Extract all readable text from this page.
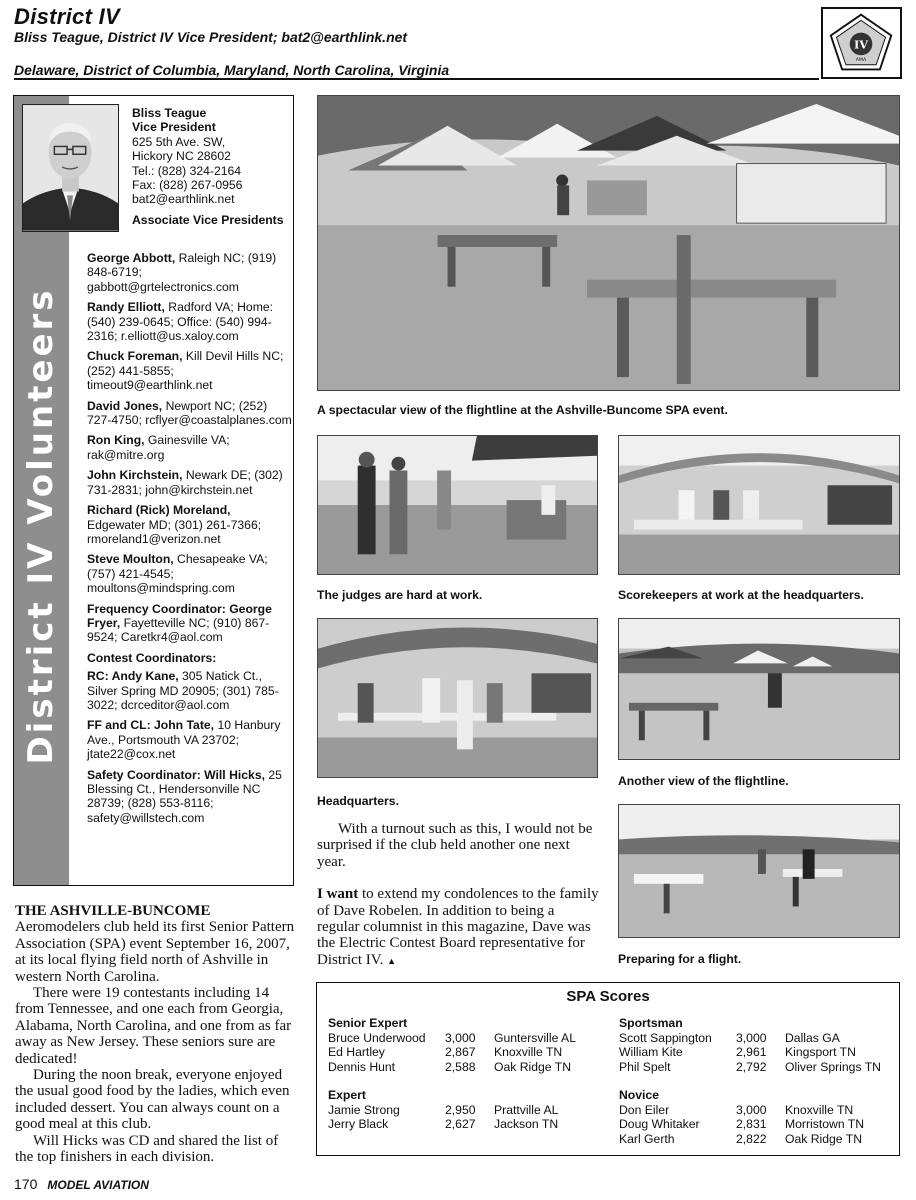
District IV
Bliss Teague, District IV Vice President; bat2@earthlink.net
Delaware, District of Columbia, Maryland, North Carolina, Virginia
IV
AMA
District IV Volunteers
Bliss Teague
Vice President
625 5th Ave. SW,
Hickory NC 28602
Tel.: (828) 324-2164
Fax: (828) 267-0956
bat2@earthlink.net
Associate Vice Presidents
George Abbott, Raleigh NC; (919) 848-6719; gabbott@grtelectronics.com
Randy Elliott, Radford VA; Home: (540) 239-0645; Office: (540) 994-2316; r.elliott@us.xaloy.com
Chuck Foreman, Kill Devil Hills NC; (252) 441-5855; timeout9@earthlink.net
David Jones, Newport NC; (252) 727-4750; rcflyer@coastalplanes.com
Ron King, Gainesville VA; rak@mitre.org
John Kirchstein, Newark DE; (302) 731-2831; john@kirchstein.net
Richard (Rick) Moreland, Edgewater MD; (301) 261-7366; rmoreland1@verizon.net
Steve Moulton, Chesapeake VA; (757) 421-4545; moultons@mindspring.com
Frequency Coordinator: George Fryer, Fayetteville NC; (910) 867-9524; Caretkr4@aol.com
Contest Coordinators:
RC: Andy Kane, 305 Natick Ct., Silver Spring MD 20905; (301) 785-3022; dcrceditor@aol.com
FF and CL: John Tate, 10 Hanbury Ave., Portsmouth VA 23702; jtate22@cox.net
Safety Coordinator: Will Hicks, 25 Blessing Ct., Hendersonville NC 28739; (828) 553-8116; safety@willstech.com

THE ASHVILLE-BUNCOME Aeromodelers club held its first Senior Pattern Association (SPA) event September 16, 2007, at its local flying field north of Ashville in western North Carolina.

There were 19 contestants including 14 from Tennessee, and one each from Georgia, Alabama, North Carolina, and one from as far away as New Jersey. These seniors sure are dedicated!

During the noon break, everyone enjoyed the usual good food by the ladies, which even included dessert. You can always count on a good meal at this club.

Will Hicks was CD and shared the list of the top finishers in each division.

A spectacular view of the flightline at the Ashville-Buncome SPA event.
The judges are hard at work.	Scorekeepers at work at the headquarters.
Headquarters.
Another view of the flightline.
Preparing for a flight.

With a turnout such as this, I would not be surprised if the club held another one next year.

I want to extend my condolences to the family of Dave Robelen. In addition to being a regular columnist in this magazine, Dave was the Electric Contest Board representative for District IV. ▲

SPA Scores
Senior Expert
Bruce Underwood	3,000	Guntersville AL
Ed Hartley	2,867	Knoxville TN
Dennis Hunt	2,588	Oak Ridge TN
Sportsman
Scott Sappington	3,000	Dallas GA
William Kite	2,961	Kingsport TN
Phil Spelt	2,792	Oliver Springs TN
Expert
Jamie Strong	2,950	Prattville AL
Jerry Black	2,627	Jackson TN
Novice
Don Eiler	3,000	Knoxville TN
Doug Whitaker	2,831	Morristown TN
Karl Gerth	2,822	Oak Ridge TN
170 MODEL AVIATION
